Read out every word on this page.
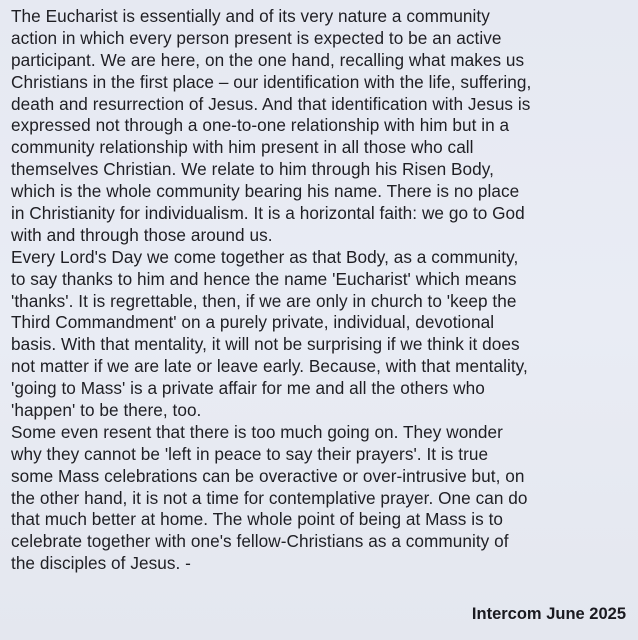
The Eucharist is essentially and of its very nature a community
action in which every person present is expected to be an active
participant. We are here, on the one hand, recalling what makes us
Christians in the first place – our identification with the life, suffering,
death and resurrection of Jesus. And that identification with Jesus is
expressed not through a one-to-one relationship with him but in a
community relationship with him present in all those who call
themselves Christian. We relate to him through his Risen Body,
which is the whole community bearing his name. There is no place
in Christianity for individualism. It is a horizontal faith: we go to God
with and through those around us.
Every Lord's Day we come together as that Body, as a community,
to say thanks to him and hence the name 'Eucharist' which means
'thanks'. It is regrettable, then, if we are only in church to 'keep the
Third Commandment' on a purely private, individual, devotional
basis. With that mentality, it will not be surprising if we think it does
not matter if we are late or leave early. Because, with that mentality,
'going to Mass' is a private affair for me and all the others who
'happen' to be there, too.
Some even resent that there is too much going on. They wonder
why they cannot be 'left in peace to say their prayers'. It is true
some Mass celebrations can be overactive or over-intrusive but, on
the other hand, it is not a time for contemplative prayer. One can do
that much better at home. The whole point of being at Mass is to
celebrate together with one's fellow-Christians as a community of
the disciples of Jesus. -
Intercom June 2025
